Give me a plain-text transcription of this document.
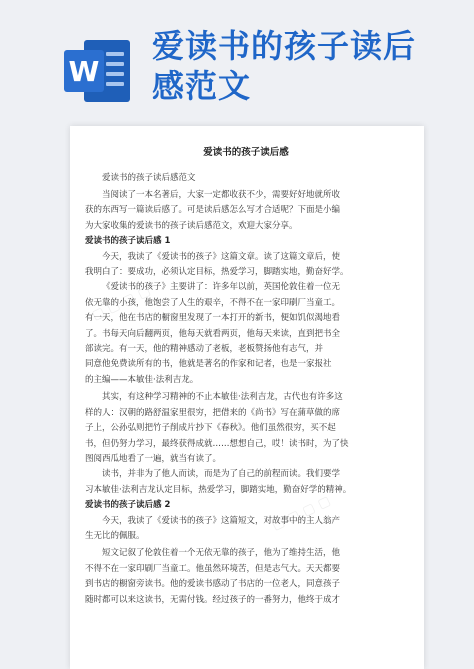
W
爱读书的孩子读后
感范文
▢ ▢ ▢ ▢
▢ ▢ ▢ ▢
爱读书的孩子读后感
爱读书的孩子读后感范文
当阅读了一本名著后，大家一定都收获不少，需要好好地就所收
获的东西写一篇读后感了。可是读后感怎么写才合适呢？下面是小编
为大家收集的爱读书的孩子读后感范文，欢迎大家分享。
爱读书的孩子读后感 1
今天，我读了《爱读书的孩子》这篇文章。读了这篇文章后，使
我明白了：要成功，必须认定目标，热爱学习，脚踏实地，勤奋好学。
《爱读书的孩子》主要讲了：许多年以前，英国伦敦住着一位无
依无靠的小孩，他饱尝了人生的艰辛，不得不在一家印刷厂当童工。
有一天，他在书店的橱窗里发现了一本打开的新书，便如饥似渴地看
了。书每天向后翻两页，他每天就看两页，他每天来读，直到把书全
部读完。有一天，他的精神感动了老板，老板赞扬他有志气，并
同意他免费读所有的书，他就是著名的作家和记者，也是一家报社
的主编——本敏佳·法利吉龙。
其实，有这种学习精神的不止本敏佳·法利吉龙，古代也有许多这
样的人：汉朝的路舒温家里很穷，把借来的《尚书》写在蒲草做的席
子上，公孙弘则把竹子削成片抄下《春秋》。他们虽然很穷，买不起
书，但仍努力学习，最终获得成就……想想自己，哎！读书时，为了快
图阅西瓜地看了一遍，就当有读了。
读书，并非为了他人而读，而是为了自己的前程而读。我们要学
习本敏佳·法利吉龙认定目标，热爱学习，脚踏实地，勤奋好学的精神。
爱读书的孩子读后感 2
今天，我读了《爱读书的孩子》这篇短文，对故事中的主人翁产
生无比的佩服。
短文记叙了伦敦住着一个无依无靠的孩子，他为了维持生活，他
不得不在一家印刷厂当童工。他虽然环境苦，但是志气大。天天都要
到书店的橱窗旁读书。他的爱读书感动了书店的一位老人，同意孩子
随时都可以来这读书，无需付钱。经过孩子的一番努力，他终于成才
